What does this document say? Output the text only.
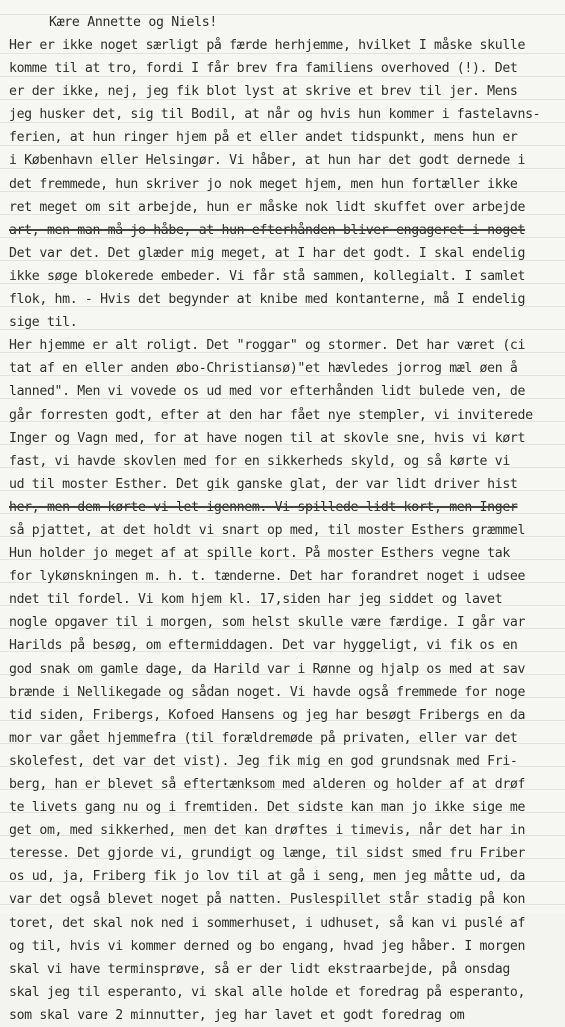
Kære Annette og Niels!
Her er ikke noget særligt på færde herhjemme, hvilket I måske skulle
komme til at tro, fordi I får brev fra familiens overhoved (!). Det
er der ikke, nej, jeg fik blot lyst at skrive et brev til jer. Mens
jeg husker det, sig til Bodil, at når og hvis hun kommer i fastelavns-
ferien, at hun ringer hjem på et eller andet tidspunkt, mens hun er
i København eller Helsingør. Vi håber, at hun har det godt dernede i
det fremmede, hun skriver jo nok meget hjem, men hun fortæller ikke
ret meget om sit arbejde, hun er måske nok lidt skuffet over arbejde
art, men man må jo håbe, at hun efterhånden bliver engageret i noget
Det var det. Det glæder mig meget, at I har det godt. I skal endelig
ikke søge blokerede embeder. Vi får stå sammen, kollegialt. I samlet
flok, hm. - Hvis det begynder at knibe med kontanterne, må I endelig
sige til.
Her hjemme er alt roligt. Det "roggar" og stormer. Det har været (ci
tat af en eller anden øbo-Christiansø)"et hævledes jorrog mæl øen å
lanned". Men vi vovede os ud med vor efterhånden lidt bulede ven, de
går forresten godt, efter at den har fået nye stempler, vi inviterede
Inger og Vagn med, for at have nogen til at skovle sne, hvis vi kørt
fast, vi havde skovlen med for en sikkerheds skyld, og så kørte vi
ud til moster Esther. Det gik ganske glat, der var lidt driver hist
her, men dem kørte vi let igennem. Vi spillede lidt kort, men Inger
så pjattet, at det holdt vi snart op med, til moster Esthers græmmel
Hun holder jo meget af at spille kort. På moster Esthers vegne tak
for lykønskningen m. h. t. tænderne. Det har forandret noget i udsee
ndet til fordel. Vi kom hjem kl. 17,siden har jeg siddet og lavet
nogle opgaver til i morgen, som helst skulle være færdige. I går var
Harilds på besøg, om eftermiddagen. Det var hyggeligt, vi fik os en
god snak om gamle dage, da Harild var i Rønne og hjalp os med at sav
brænde i Nellikegade og sådan noget. Vi havde også fremmede for noge
tid siden, Fribergs, Kofoed Hansens og jeg har besøgt Fribergs en da
mor var gået hjemmefra (til forældremøde på privaten, eller var det
skolefest, det var det vist). Jeg fik mig en god grundsnak med Fri-
berg, han er blevet så eftertænksom med alderen og holder af at drøf
te livets gang nu og i fremtiden. Det sidste kan man jo ikke sige me
get om, med sikkerhed, men det kan drøftes i timevis, når det har in
teresse. Det gjorde vi, grundigt og længe, til sidst smed fru Friber
os ud, ja, Friberg fik jo lov til at gå i seng, men jeg måtte ud, da
var det også blevet noget på natten. Puslespillet står stadig på kon
toret, det skal nok ned i sommerhuset, i udhuset, så kan vi puslé af
og til, hvis vi kommer derned og bo engang, hvad jeg håber. I morgen
skal vi have terminsprøve, så er der lidt ekstraarbejde, på onsdag
skal jeg til esperanto, vi skal alle holde et foredrag på esperanto,
som skal vare 2 minnutter, jeg har lavet et godt foredrag om
